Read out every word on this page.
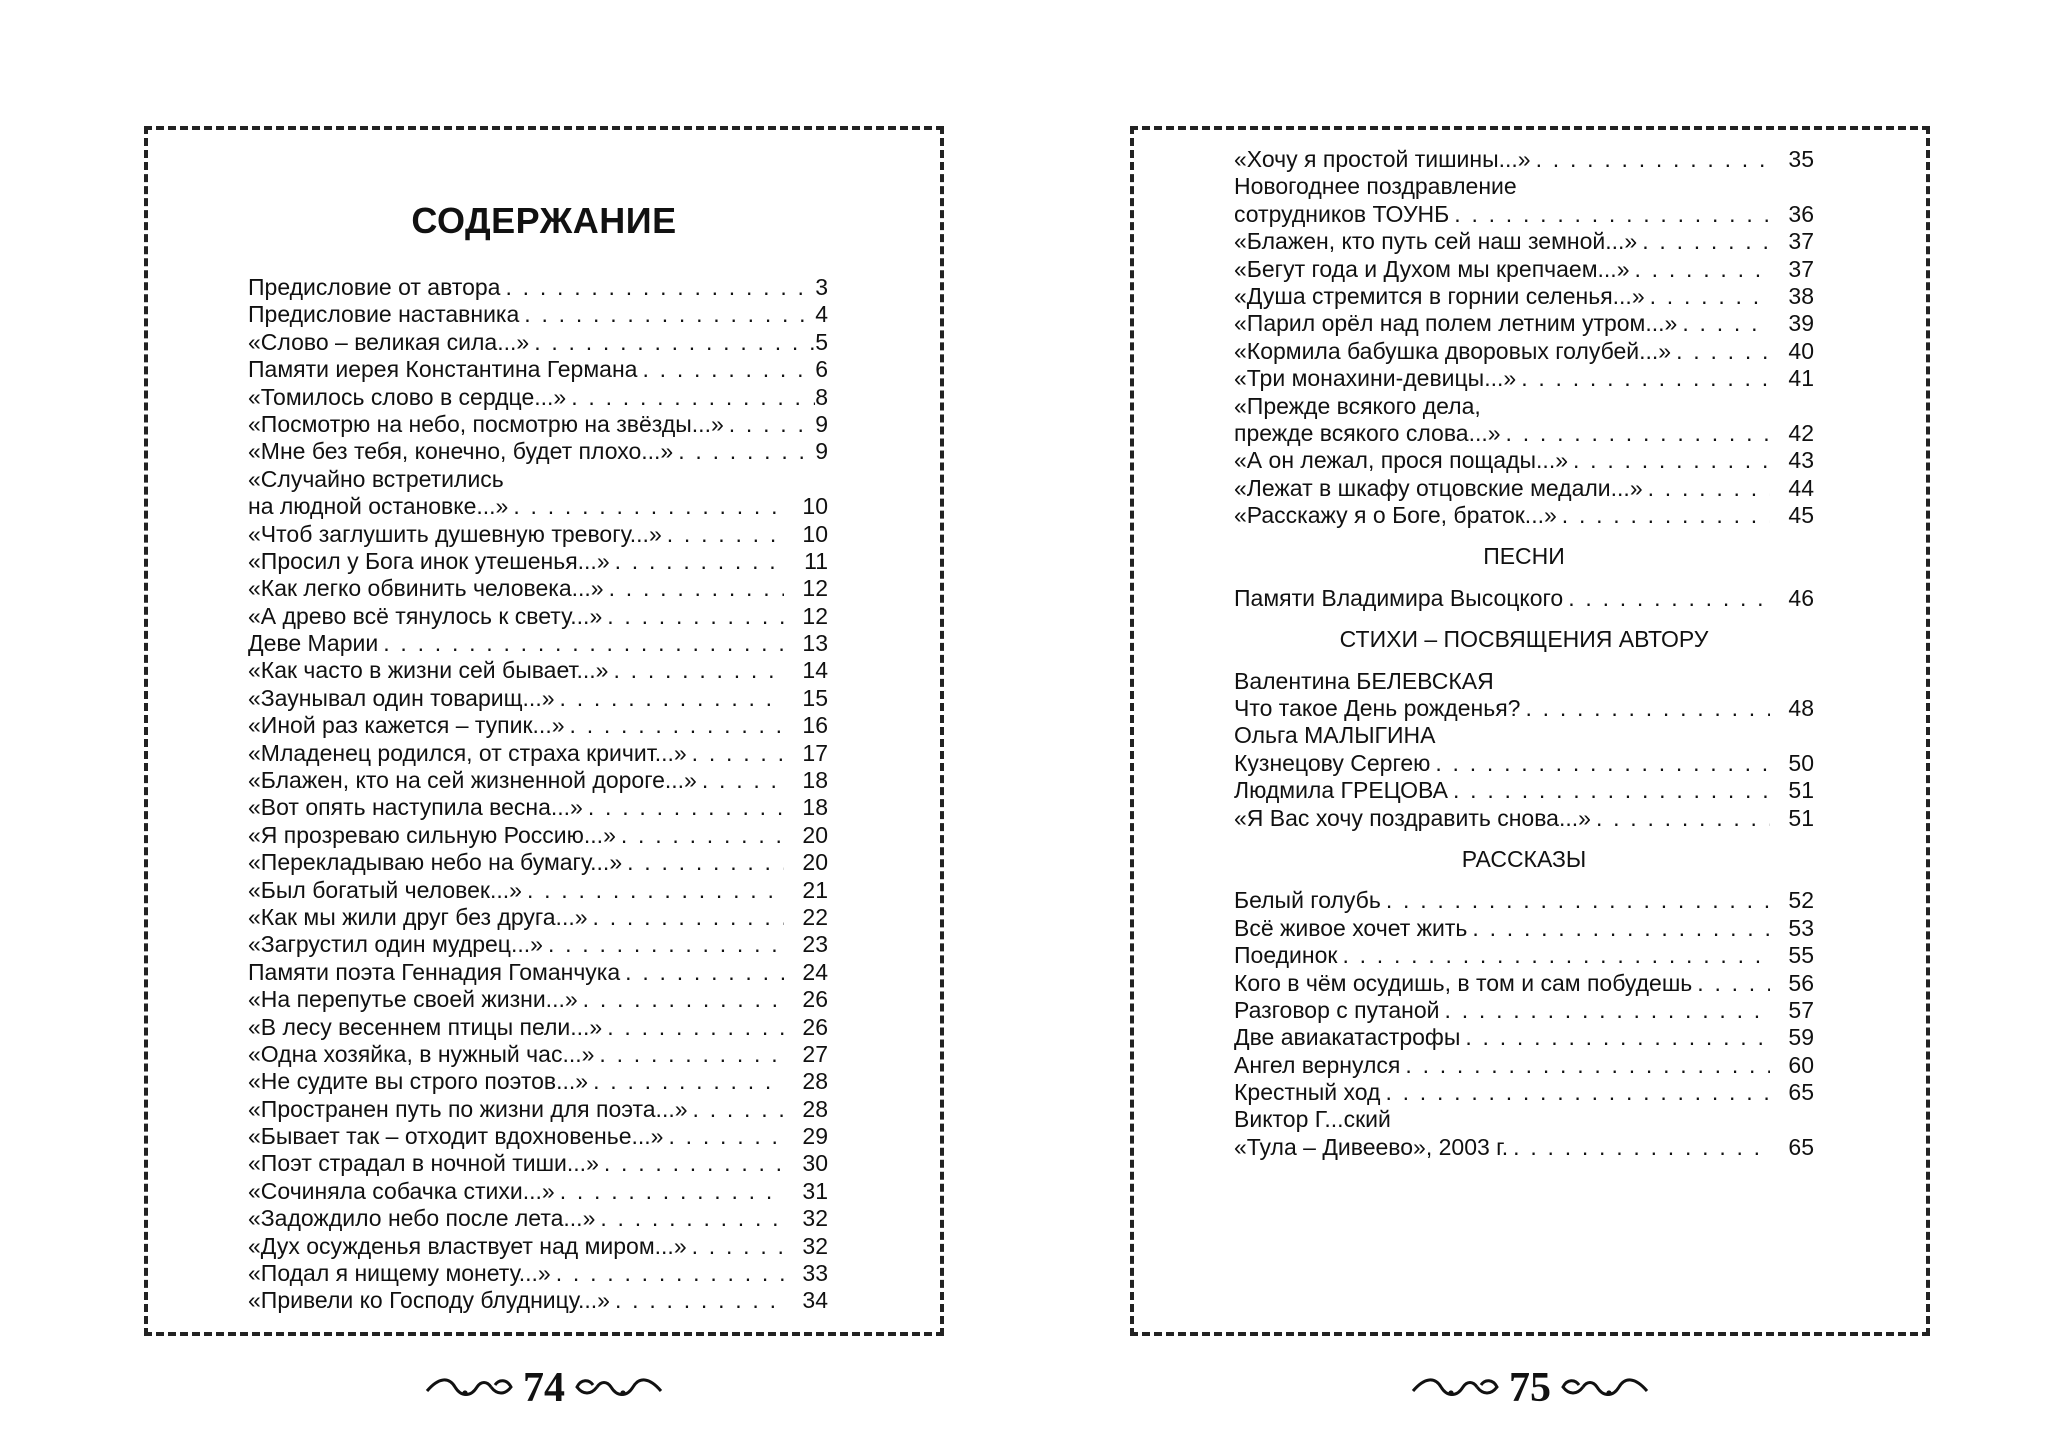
СОДЕРЖАНИЕ
Предисловие от автора . . .	3
Предисловие наставника . . .	4
«Слово – великая сила...» . . .	5
Памяти иерея Константина Германа . . .	6
«Томилось слово в сердце...» . . .	8
«Посмотрю на небо, посмотрю на звёзды...» . . .	9
«Мне без тебя, конечно, будет плохо...» . . .	9
«Случайно встретились
на людной остановке...» . . .	10
«Чтоб заглушить душевную тревогу...» . . .	10
«Просил у Бога инок утешенья...» . . .	11
«Как легко обвинить человека...» . . .	12
«А древо всё тянулось к свету...» . . .	12
Деве Марии . . .	13
«Как часто в жизни сей бывает...» . . .	14
«Заунывал один товарищ...» . . .	15
«Иной раз кажется – тупик...» . . .	16
«Младенец родился, от страха кричит...» . . .	17
«Блажен, кто на сей жизненной дороге...» . . .	18
«Вот опять наступила весна...» . . .	18
«Я прозреваю сильную Россию...» . . .	20
«Перекладываю небо на бумагу...» . . .	20
«Был богатый человек...» . . .	21
«Как мы жили друг без друга...» . . .	22
«Загрустил один мудрец...» . . .	23
Памяти поэта Геннадия Гоманчука . . .	24
«На перепутье своей жизни...» . . .	26
«В лесу весеннем птицы пели...» . . .	26
«Одна хозяйка, в нужный час...» . . .	27
«Не судите вы строго поэтов...» . . .	28
«Пространен путь по жизни для поэта...» . . .	28
«Бывает так – отходит вдохновенье...» . . .	29
«Поэт страдал в ночной тиши...» . . .	30
«Сочиняла собачка стихи...» . . .	31
«Задождило небо после лета...» . . .	32
«Дух осужденья властвует над миром...» . . .	32
«Подал я нищему монету...» . . .	33
«Привели ко Господу блудницу...» . . .	34
«Хочу я простой тишины...» . . .	35
Новогоднее поздравление
сотрудников ТОУНБ . . .	36
«Блажен, кто путь сей наш земной...» . . .	37
«Бегут года и Духом мы крепчаем...» . . .	37
«Душа стремится в горнии селенья...» . . .	38
«Парил орёл над полем летним утром...» . . .	39
«Кормила бабушка дворовых голубей...» . . .	40
«Три монахини-девицы...» . . .	41
«Прежде всякого дела,
прежде всякого слова...» . . .	42
«А он лежал, прося пощады...» . . .	43
«Лежат в шкафу отцовские медали...» . . .	44
«Расскажу я о Боге, браток...» . . .	45
ПЕСНИ
Памяти Владимира Высоцкого . . .	46
СТИХИ – ПОСВЯЩЕНИЯ АВТОРУ
Валентина БЕЛЕВСКАЯ
Что такое День рожденья? . . .	48
Ольга МАЛЫГИНА
Кузнецову Сергею . . .	50
Людмила ГРЕЦОВА . . .	51
«Я Вас хочу поздравить снова...» . . .	51
РАССКАЗЫ
Белый голубь . . .	52
Всё живое хочет жить . . .	53
Поединок . . .	55
Кого в чём осудишь, в том и сам побудешь . . .	56
Разговор с путаной . . .	57
Две авиакатастрофы . . .	59
Ангел вернулся . . .	60
Крестный ход . . .	65
Виктор Г...ский
«Тула – Дивеево», 2003 г. . . .	65
74	75
